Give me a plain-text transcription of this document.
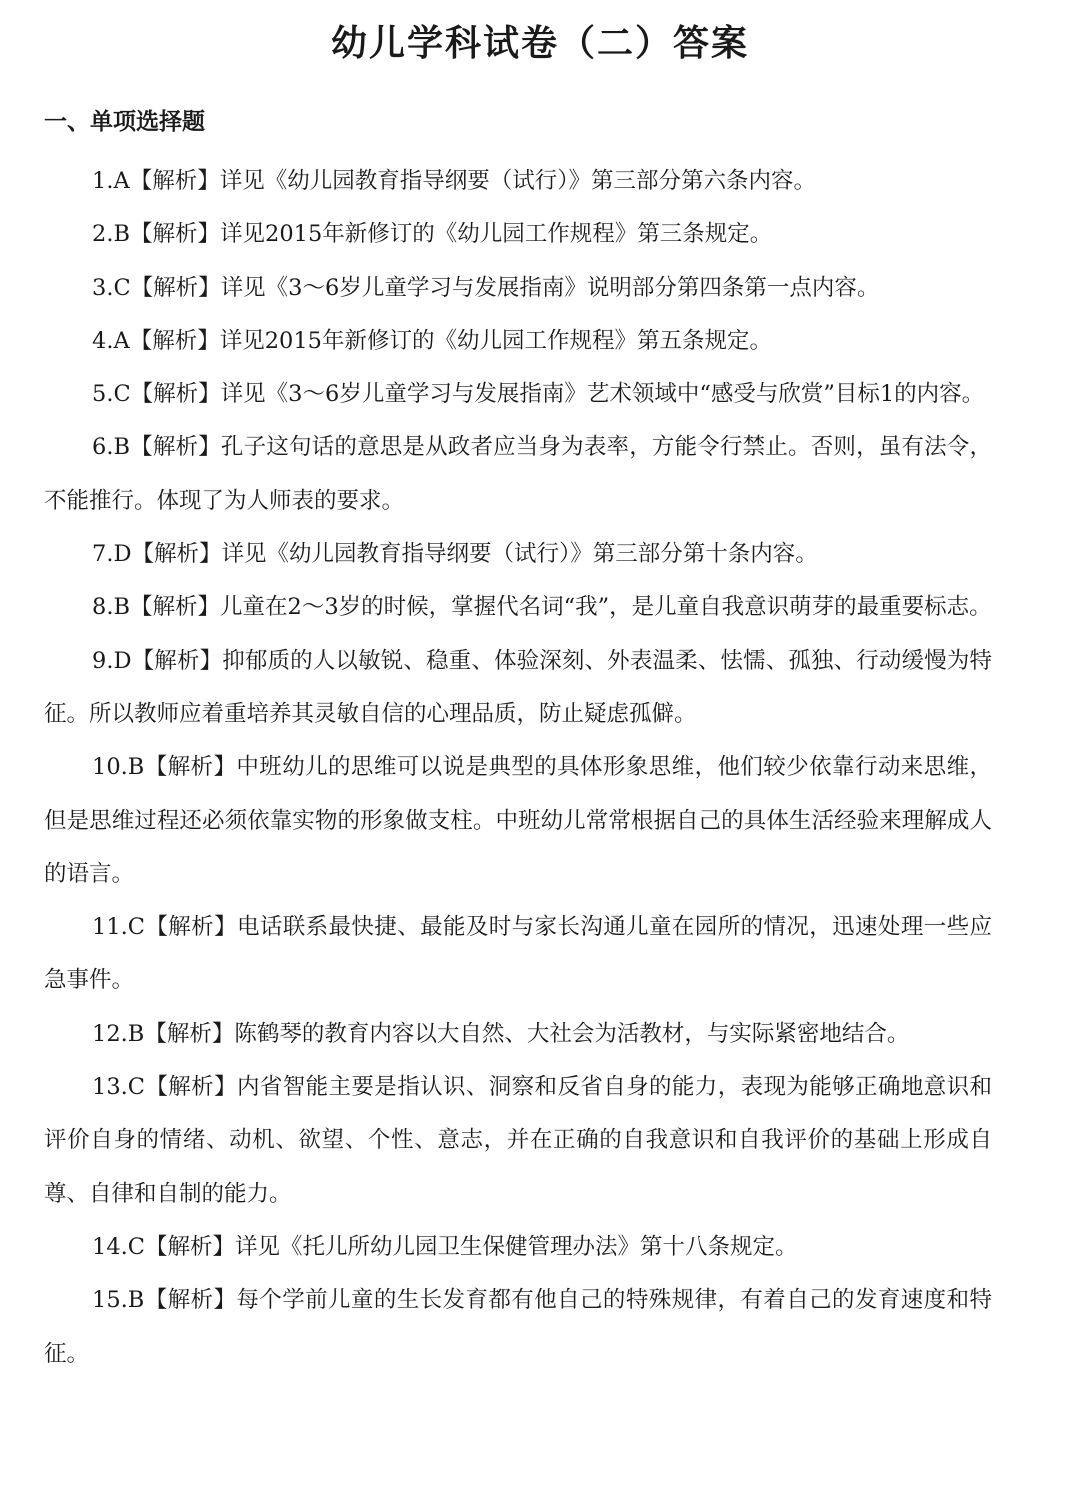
幼儿学科试卷（二）答案
一、单项选择题
1.A【解析】详见《幼儿园教育指导纲要（试行）》第三部分第六条内容。
2.B【解析】详见2015年新修订的《幼儿园工作规程》第三条规定。
3.C【解析】详见《3～6岁儿童学习与发展指南》说明部分第四条第一点内容。
4.A【解析】详见2015年新修订的《幼儿园工作规程》第五条规定。
5.C【解析】详见《3～6岁儿童学习与发展指南》艺术领域中“感受与欣赏”目标1的内容。
6.B【解析】孔子这句话的意思是从政者应当身为表率，方能令行禁止。否则，虽有法令，不能推行。体现了为人师表的要求。
7.D【解析】详见《幼儿园教育指导纲要（试行）》第三部分第十条内容。
8.B【解析】儿童在2～3岁的时候，掌握代名词“我”，是儿童自我意识萌芽的最重要标志。
9.D【解析】抑郁质的人以敏锐、稳重、体验深刻、外表温柔、怯懦、孤独、行动缓慢为特征。所以教师应着重培养其灵敏自信的心理品质，防止疑虑孤僻。
10.B【解析】中班幼儿的思维可以说是典型的具体形象思维，他们较少依靠行动来思维，但是思维过程还必须依靠实物的形象做支柱。中班幼儿常常根据自己的具体生活经验来理解成人的语言。
11.C【解析】电话联系最快捷、最能及时与家长沟通儿童在园所的情况，迅速处理一些应急事件。
12.B【解析】陈鹤琴的教育内容以大自然、大社会为活教材，与实际紧密地结合。
13.C【解析】内省智能主要是指认识、洞察和反省自身的能力，表现为能够正确地意识和评价自身的情绪、动机、欲望、个性、意志，并在正确的自我意识和自我评价的基础上形成自尊、自律和自制的能力。
14.C【解析】详见《托儿所幼儿园卫生保健管理办法》第十八条规定。
15.B【解析】每个学前儿童的生长发育都有他自己的特殊规律，有着自己的发育速度和特征。
